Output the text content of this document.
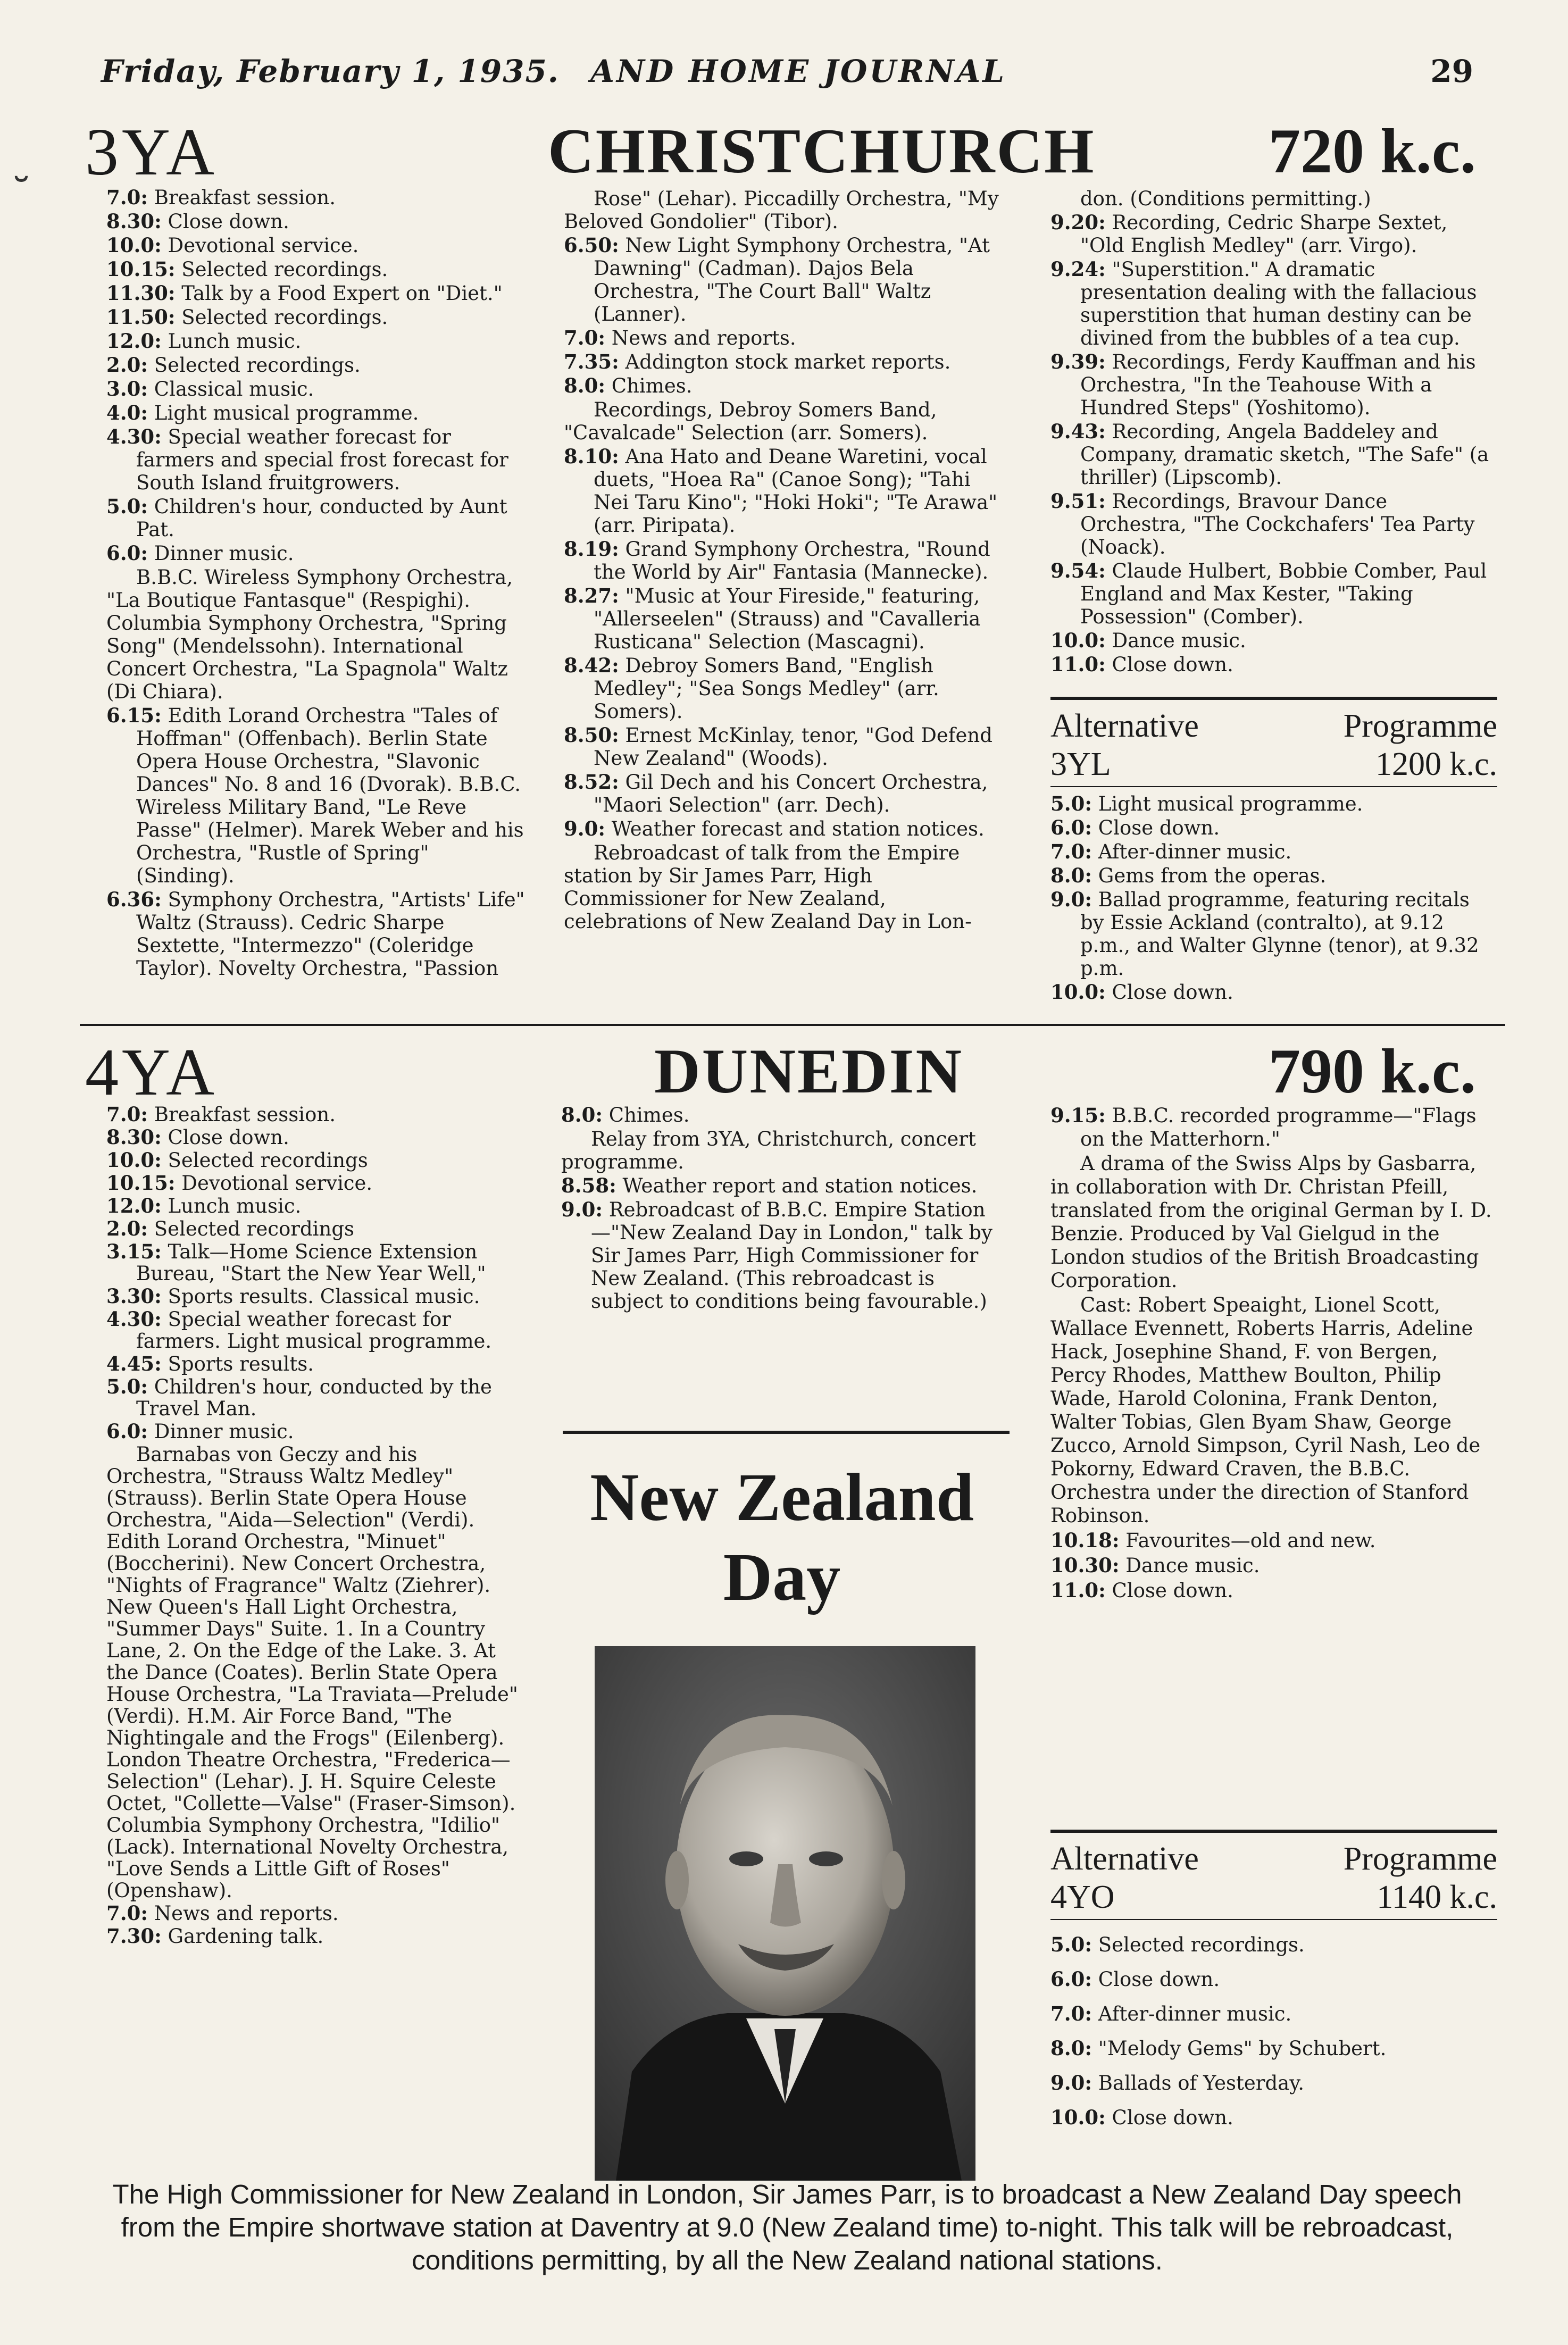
Friday, February 1, 1935. AND HOME JOURNAL	29
3YA	CHRISTCHURCH	720 k.c.

7.0: Breakfast session.

8.30: Close down.

10.0: Devotional service.

10.15: Selected recordings.

11.30: Talk by a Food Expert on "Diet."

11.50: Selected recordings.

12.0: Lunch music.

2.0: Selected recordings.

3.0: Classical music.

4.0: Light musical programme.

4.30: Special weather forecast for farmers and special frost forecast for South Island fruitgrowers.

5.0: Children's hour, conducted by Aunt Pat.

6.0: Dinner music.

B.B.C. Wireless Symphony Orchestra, "La Boutique Fantasque" (Respighi). Columbia Symphony Orchestra, "Spring Song" (Mendelssohn). International Concert Orchestra, "La Spagnola" Waltz (Di Chiara).

6.15: Edith Lorand Orchestra "Tales of Hoffman" (Offenbach). Berlin State Opera House Orchestra, "Slavonic Dances" No. 8 and 16 (Dvorak). B.B.C. Wireless Military Band, "Le Reve Passe" (Helmer). Marek Weber and his Orchestra, "Rustle of Spring" (Sinding).

6.36: Symphony Orchestra, "Artists' Life" Waltz (Strauss). Cedric Sharpe Sextette, "Intermezzo" (Coleridge Taylor). Novelty Orchestra, "Passion

Rose" (Lehar). Piccadilly Orchestra, "My Beloved Gondolier" (Tibor).

6.50: New Light Symphony Orchestra, "At Dawning" (Cadman). Dajos Bela Orchestra, "The Court Ball" Waltz (Lanner).

7.0: News and reports.

7.35: Addington stock market reports.

8.0: Chimes.

Recordings, Debroy Somers Band, "Cavalcade" Selection (arr. Somers).

8.10: Ana Hato and Deane Waretini, vocal duets, "Hoea Ra" (Canoe Song); "Tahi Nei Taru Kino"; "Hoki Hoki"; "Te Arawa" (arr. Piripata).

8.19: Grand Symphony Orchestra, "Round the World by Air" Fantasia (Mannecke).

8.27: "Music at Your Fireside," featuring, "Allerseelen" (Strauss) and "Cavalleria Rusticana" Selection (Mascagni).

8.42: Debroy Somers Band, "English Medley"; "Sea Songs Medley" (arr. Somers).

8.50: Ernest McKinlay, tenor, "God Defend New Zealand" (Woods).

8.52: Gil Dech and his Concert Orchestra, "Maori Selection" (arr. Dech).

9.0: Weather forecast and station notices.

Rebroadcast of talk from the Empire station by Sir James Parr, High Commissioner for New Zealand, celebrations of New Zealand Day in Lon-

don. (Conditions permitting.)

9.20: Recording, Cedric Sharpe Sextet, "Old English Medley" (arr. Virgo).

9.24: "Superstition." A dramatic presentation dealing with the fallacious superstition that human destiny can be divined from the bubbles of a tea cup.

9.39: Recordings, Ferdy Kauffman and his Orchestra, "In the Teahouse With a Hundred Steps" (Yoshitomo).

9.43: Recording, Angela Baddeley and Company, dramatic sketch, "The Safe" (a thriller) (Lipscomb).

9.51: Recordings, Bravour Dance Orchestra, "The Cockchafers' Tea Party (Noack).

9.54: Claude Hulbert, Bobbie Comber, Paul England and Max Kester, "Taking Possession" (Comber).

10.0: Dance music.

11.0: Close down.

Alternative	Programme
3YL	1200 k.c.

5.0: Light musical programme.

6.0: Close down.

7.0: After-dinner music.

8.0: Gems from the operas.

9.0: Ballad programme, featuring recitals by Essie Ackland (contralto), at 9.12 p.m., and Walter Glynne (tenor), at 9.32 p.m.

10.0: Close down.

4YA	DUNEDIN	790 k.c.

7.0: Breakfast session.

8.30: Close down.

10.0: Selected recordings

10.15: Devotional service.

12.0: Lunch music.

2.0: Selected recordings

3.15: Talk—Home Science Extension Bureau, "Start the New Year Well,"

3.30: Sports results. Classical music.

4.30: Special weather forecast for farmers. Light musical programme.

4.45: Sports results.

5.0: Children's hour, conducted by the Travel Man.

6.0: Dinner music.

Barnabas von Geczy and his Orchestra, "Strauss Waltz Medley" (Strauss). Berlin State Opera House Orchestra, "Aida—Selection" (Verdi). Edith Lorand Orchestra, "Minuet" (Boccherini). New Concert Orchestra, "Nights of Fragrance" Waltz (Ziehrer). New Queen's Hall Light Orchestra, "Summer Days" Suite. 1. In a Country Lane, 2. On the Edge of the Lake. 3. At the Dance (Coates). Berlin State Opera House Orchestra, "La Traviata—Prelude" (Verdi). H.M. Air Force Band, "The Nightingale and the Frogs" (Eilenberg). London Theatre Orchestra, "Frederica—Selection" (Lehar). J. H. Squire Celeste Octet, "Collette—Valse" (Fraser-Simson). Columbia Symphony Orchestra, "Idilio" (Lack). International Novelty Orchestra, "Love Sends a Little Gift of Roses" (Openshaw).

7.0: News and reports.

7.30: Gardening talk.

8.0: Chimes.

Relay from 3YA, Christchurch, concert programme.

8.58: Weather report and station notices.

9.0: Rebroadcast of B.B.C. Empire Station—"New Zealand Day in London," talk by Sir James Parr, High Commissioner for New Zealand. (This rebroadcast is subject to conditions being favourable.)

9.15: B.B.C. recorded programme—"Flags on the Matterhorn."

A drama of the Swiss Alps by Gasbarra, in collaboration with Dr. Christan Pfeill, translated from the original German by I. D. Benzie. Produced by Val Gielgud in the London studios of the British Broadcasting Corporation.

Cast: Robert Speaight, Lionel Scott, Wallace Evennett, Roberts Harris, Adeline Hack, Josephine Shand, F. von Bergen, Percy Rhodes, Matthew Boulton, Philip Wade, Harold Colonina, Frank Denton, Walter Tobias, Glen Byam Shaw, George Zucco, Arnold Simpson, Cyril Nash, Leo de Pokorny, Edward Craven, the B.B.C. Orchestra under the direction of Stanford Robinson.

10.18: Favourites—old and new.

10.30: Dance music.

11.0: Close down.

Alternative	Programme
4YO	1140 k.c.

5.0: Selected recordings.

6.0: Close down.

7.0: After-dinner music.

8.0: "Melody Gems" by Schubert.

9.0: Ballads of Yesterday.

10.0: Close down.

New Zealand
Day
The High Commissioner for New Zealand in London, Sir James Parr, is to broadcast a New Zealand Day speech from the Empire shortwave station at Daventry at 9.0 (New Zealand time) to-night. This talk will be rebroadcast, conditions permitting, by all the New Zealand national stations.
˘
